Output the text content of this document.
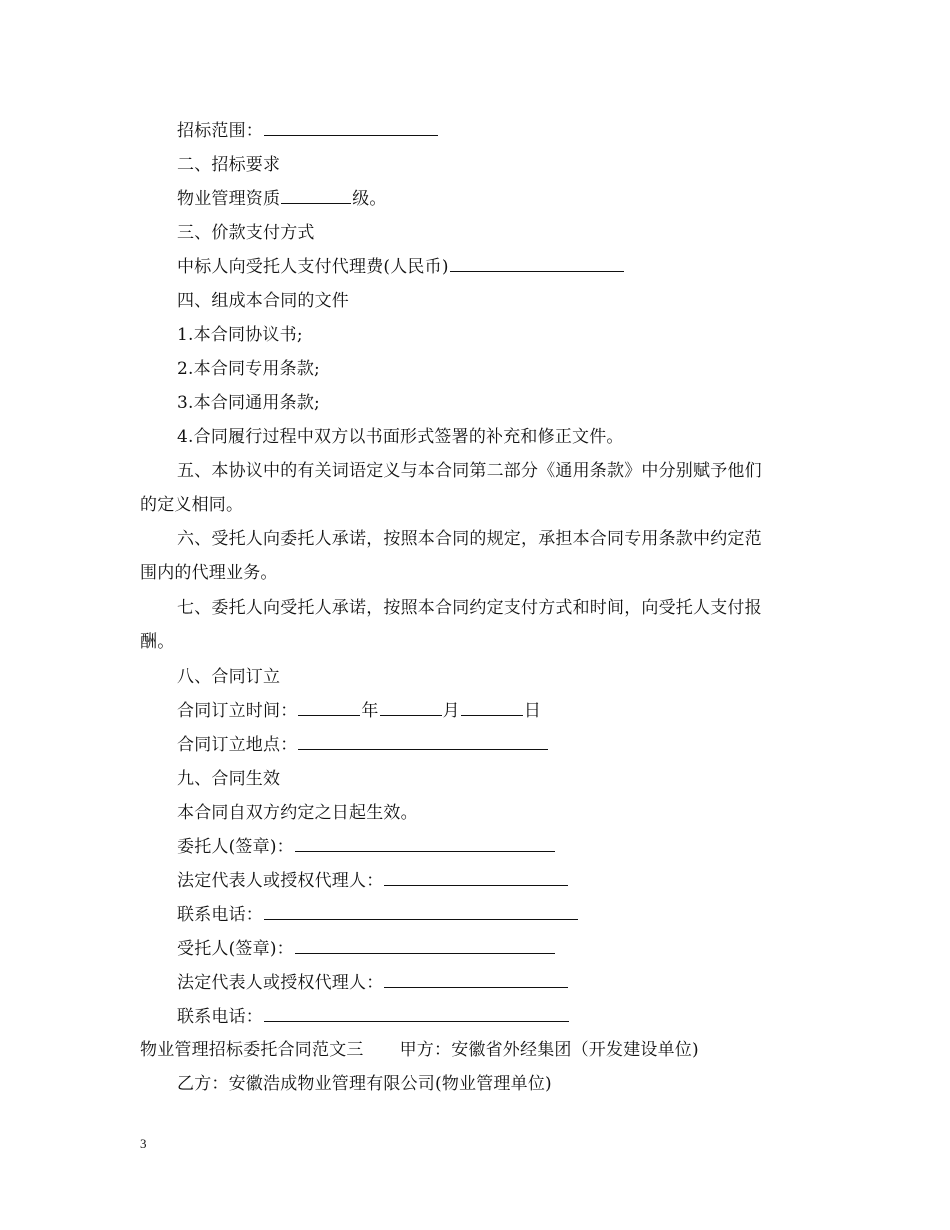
招标范围：
二、招标要求
物业管理资质	级。
三、价款支付方式
中标人向受托人支付代理费(人民币)
四、组成本合同的文件
1.本合同协议书;
2.本合同专用条款;
3.本合同通用条款;
4.合同履行过程中双方以书面形式签署的补充和修正文件。
五、本协议中的有关词语定义与本合同第二部分《通用条款》中分别赋予他们
的定义相同。
六、受托人向委托人承诺，按照本合同的规定，承担本合同专用条款中约定范
围内的代理业务。
七、委托人向受托人承诺，按照本合同约定支付方式和时间，向受托人支付报
酬。
八、合同订立
合同订立时间：	年	月	日
合同订立地点：
九、合同生效
本合同自双方约定之日起生效。
委托人(签章)：
法定代表人或授权代理人：
联系电话：
受托人(签章)：
法定代表人或授权代理人：
联系电话：
物业管理招标委托合同范文三 甲方：安徽省外经集团（开发建设单位)
乙方：安徽浩成物业管理有限公司(物业管理单位)
3
